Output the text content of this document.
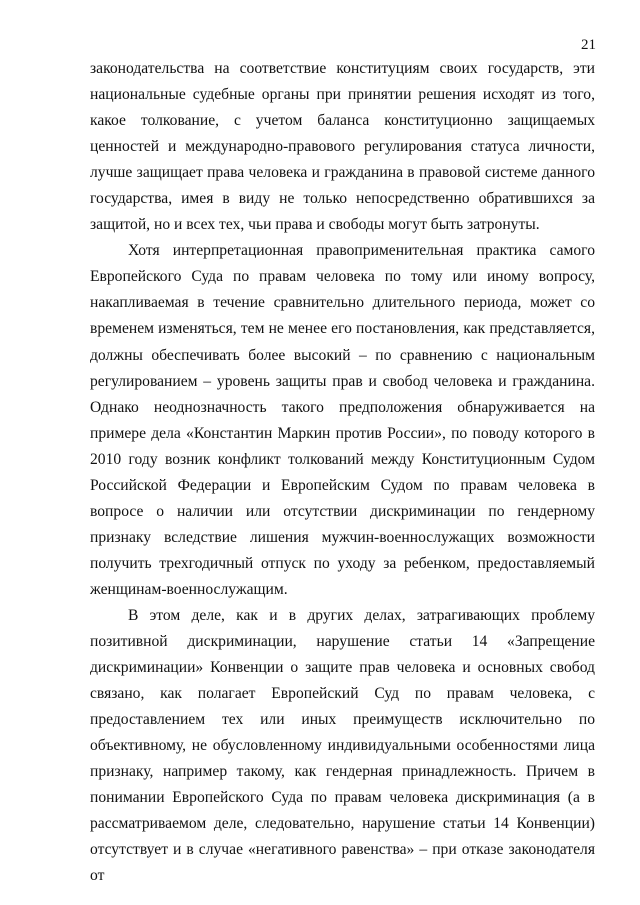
21

законодательства на соответствие конституциям своих государств, эти национальные судебные органы при принятии решения исходят из того, какое толкование, с учетом баланса конституционно защищаемых ценностей и международно-правового регулирования статуса личности, лучше защищает права человека и гражданина в правовой системе данного государства, имея в виду не только непосредственно обратившихся за защитой, но и всех тех, чьи права и свободы могут быть затронуты.

Хотя интерпретационная правоприменительная практика самого Европейского Суда по правам человека по тому или иному вопросу, накапливаемая в течение сравнительно длительного периода, может со временем изменяться, тем не менее его постановления, как представляется, должны обеспечивать более высокий – по сравнению с национальным регулированием – уровень защиты прав и свобод человека и гражданина. Однако неоднозначность такого предположения обнаруживается на примере дела «Константин Маркин против России», по поводу которого в 2010 году возник конфликт толкований между Конституционным Судом Российской Федерации и Европейским Судом по правам человека в вопросе о наличии или отсутствии дискриминации по гендерному признаку вследствие лишения мужчин-военнослужащих возможности получить трехгодичный отпуск по уходу за ребенком, предоставляемый женщинам-военнослужащим.

В этом деле, как и в других делах, затрагивающих проблему позитивной дискриминации, нарушение статьи 14 «Запрещение дискриминации» Конвенции о защите прав человека и основных свобод связано, как полагает Европейский Суд по правам человека, с предоставлением тех или иных преимуществ исключительно по объективному, не обусловленному индивидуальными особенностями лица признаку, например такому, как гендерная принадлежность. Причем в понимании Европейского Суда по правам человека дискриминация (а в рассматриваемом деле, следовательно, нарушение статьи 14 Конвенции) отсутствует и в случае «негативного равенства» – при отказе законодателя от
